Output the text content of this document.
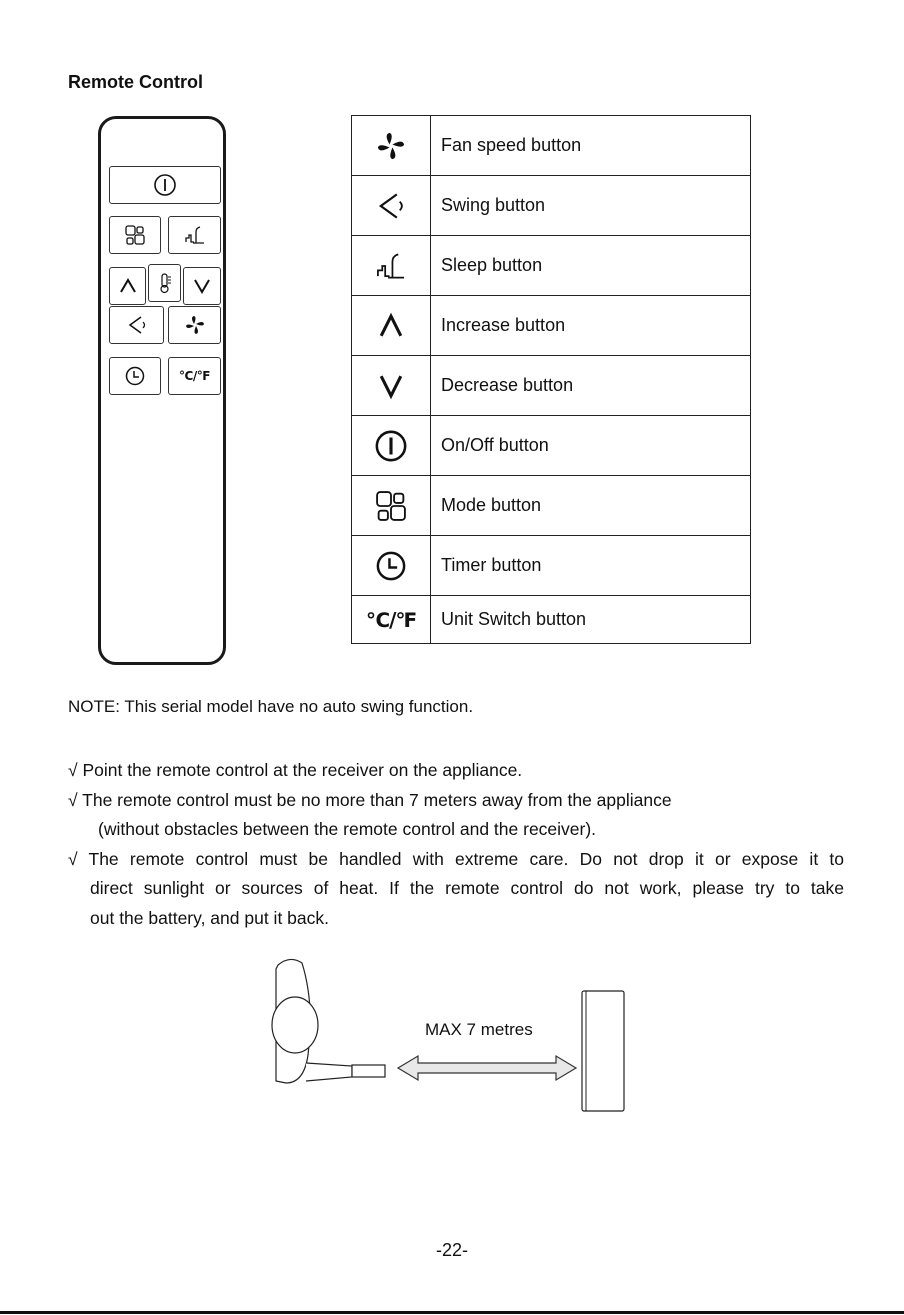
Remote Control
°C/°F
	Fan speed button
	Swing button
	Sleep button
	Increase button
	Decrease button
	On/Off button
	Mode button
	Timer button
℃/℉	Unit Switch button
NOTE: This serial model have no auto swing function.

√ Point the remote control at the receiver on the appliance.

√ The remote control must be no more than 7 meters away from the appliance

(without obstacles between the remote control and the receiver).

√ The remote control must be handled with extreme care. Do not drop it or expose it to

direct sunlight or sources of heat. If the remote control do not work, please try to take

out the battery, and put it back.

MAX 7 metres
-22-
